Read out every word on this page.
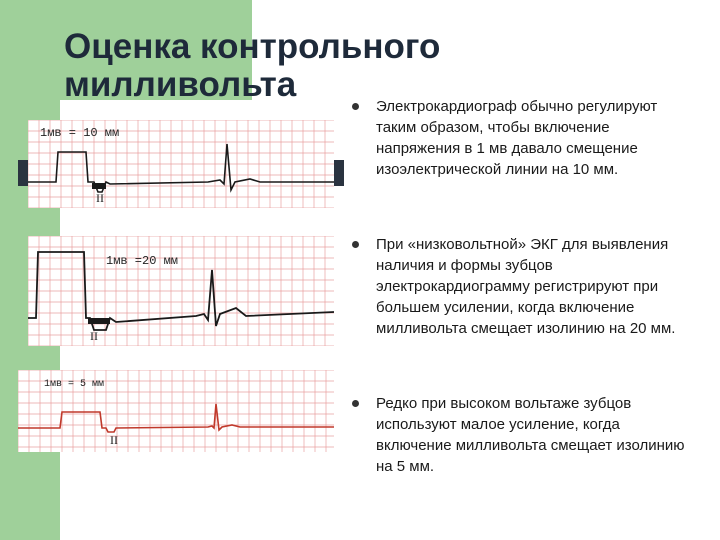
Оценка контрольного милливольта
1мв = 10 мм
II
1мв =20 мм
II
1мв = 5 мм
II
Электрокардиограф обычно регулируют таким образом, чтобы включение напряжения в 1 мв давало смещение изоэлектрической линии на 10 мм.
При «низковольтной» ЭКГ для выявления наличия и формы зубцов электрокардиограмму регистрируют при большем усилении, когда включение милливольта смещает изолинию на 20 мм.
Редко при высоком вольтаже зубцов используют малое усиление, когда включение милливольта смещает изолинию на 5 мм.
